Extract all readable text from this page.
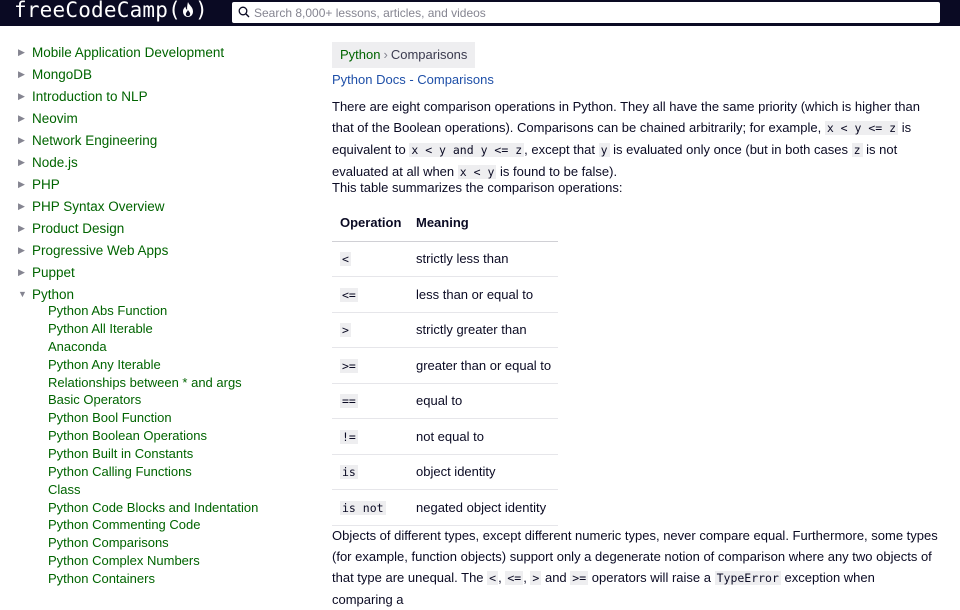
freeCodeCamp( )
Search 8,000+ lessons, articles, and videos
▶ Mobile Application Development
▶ MongoDB
▶ Introduction to NLP
▶ Neovim
▶ Network Engineering
▶ Node.js
▶ PHP
▶ PHP Syntax Overview
▶ Product Design
▶ Progressive Web Apps
▶ Puppet
▼ Python
Python Abs Function
Python All Iterable
Anaconda
Python Any Iterable
Relationships between * and args
Basic Operators
Python Bool Function
Python Boolean Operations
Python Built in Constants
Python Calling Functions
Class
Python Code Blocks and Indentation
Python Commenting Code
Python Comparisons
Python Complex Numbers
Python Containers
Python › Comparisons
Python Docs - Comparisons

There are eight comparison operations in Python. They all have the same priority (which is higher than that of the Boolean operations). Comparisons can be chained arbitrarily; for example, x < y <= z is equivalent to x < y and y <= z , except that y is evaluated only once (but in both cases z is not evaluated at all when x < y is found to be false).

This table summarizes the comparison operations:

Operation	Meaning
<	strictly less than
<=	less than or equal to
>	strictly greater than
>=	greater than or equal to
==	equal to
!=	not equal to
is	object identity
is not	negated object identity

Objects of different types, except different numeric types, never compare equal. Furthermore, some types (for example, function objects) support only a degenerate notion of comparison where any two objects of that type are unequal. The < , <= , > and >= operators will raise a TypeError exception when comparing a
